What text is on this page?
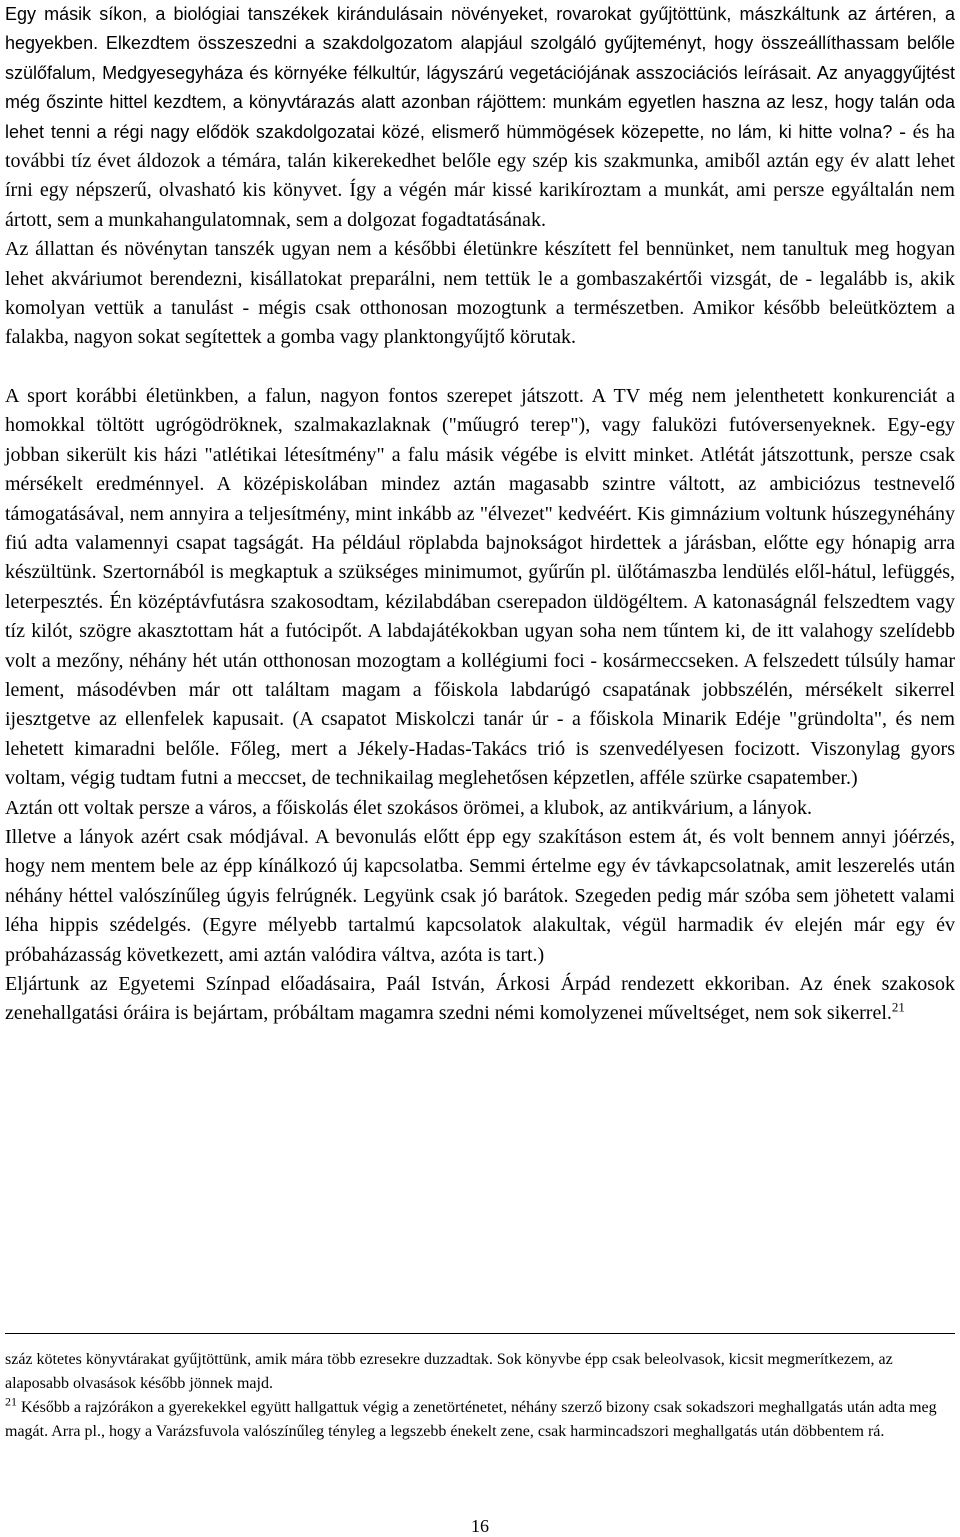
Egy másik síkon, a biológiai tanszékek kirándulásain növényeket, rovarokat gyűjtöttünk, mászkáltunk az ártéren, a hegyekben. Elkezdtem összeszedni a szakdolgozatom alapjául szolgáló gyűjteményt, hogy összeállíthassam belőle szülőfalum, Medgyesegyháza és környéke félkultúr, lágyszárú vegetációjának asszociációs leírásait. Az anyaggyűjtést még őszinte hittel kezdtem, a könyvtárazás alatt azonban rájöttem: munkám egyetlen haszna az lesz, hogy talán oda lehet tenni a régi nagy elődök szakdolgozatai közé, elismerő hümmögések közepette, no lám, ki hitte volna? - és ha további tíz évet áldozok a témára, talán kikerekedhet belőle egy szép kis szakmunka, amiből aztán egy év alatt lehet írni egy népszerű, olvasható kis könyvet. Így a végén már kissé karikíroztam a munkát, ami persze egyáltalán nem ártott, sem a munkahangulatomnak, sem a dolgozat fogadtatásának.

Az állattan és növénytan tanszék ugyan nem a későbbi életünkre készített fel bennünket, nem tanultuk meg hogyan lehet akváriumot berendezni, kisállatokat preparálni, nem tettük le a gombaszakértői vizsgát, de - legalább is, akik komolyan vettük a tanulást - mégis csak otthonosan mozogtunk a természetben. Amikor később beleütköztem a falakba, nagyon sokat segítettek a gomba vagy planktongyűjtő körutak.

A sport korábbi életünkben, a falun, nagyon fontos szerepet játszott. A TV még nem jelenthetett konkurenciát a homokkal töltött ugrógödröknek, szalmakazlaknak ("műugró terep"), vagy faluközi futóversenyeknek. Egy-egy jobban sikerült kis házi "atlétikai létesítmény" a falu másik végébe is elvitt minket. Atlétát játszottunk, persze csak mérsékelt eredménnyel. A középiskolában mindez aztán magasabb szintre váltott, az ambiciózus testnevelő támogatásával, nem annyira a teljesítmény, mint inkább az "élvezet" kedvéért. Kis gimnázium voltunk húszegynéhány fiú adta valamennyi csapat tagságát. Ha például röplabda bajnokságot hirdettek a járásban, előtte egy hónapig arra készültünk. Szertornából is megkaptuk a szükséges minimumot, gyűrűn pl. ülőtámaszba lendülés elől-hátul, lefüggés, leterpesztés. Én középtávfutásra szakosodtam, kézilabdában cserepadon üldögéltem. A katonaságnál felszedtem vagy tíz kilót, szögre akasztottam hát a futócipőt. A labdajátékokban ugyan soha nem tűntem ki, de itt valahogy szelídebb volt a mezőny, néhány hét után otthonosan mozogtam a kollégiumi foci - kosármeccseken. A felszedett túlsúly hamar lement, másodévben már ott találtam magam a főiskola labdarúgó csapatának jobbszélén, mérsékelt sikerrel ijesztgetve az ellenfelek kapusait. (A csapatot Miskolczi tanár úr - a főiskola Minarik Edéje "gründolta", és nem lehetett kimaradni belőle. Főleg, mert a Jékely-Hadas-Takács trió is szenvedélyesen focizott. Viszonylag gyors voltam, végig tudtam futni a meccset, de technikailag meglehetősen képzetlen, afféle szürke csapatember.)

Aztán ott voltak persze a város, a főiskolás élet szokásos örömei, a klubok, az antikvárium, a lányok.

Illetve a lányok azért csak módjával. A bevonulás előtt épp egy szakításon estem át, és volt bennem annyi jóérzés, hogy nem mentem bele az épp kínálkozó új kapcsolatba. Semmi értelme egy év távkapcsolatnak, amit leszerelés után néhány héttel valószínűleg úgyis felrúgnék. Legyünk csak jó barátok. Szegeden pedig már szóba sem jöhetett valami léha hippis szédelgés. (Egyre mélyebb tartalmú kapcsolatok alakultak, végül harmadik év elején már egy év próbaházasság következett, ami aztán valódira váltva, azóta is tart.)

Eljártunk az Egyetemi Színpad előadásaira, Paál István, Árkosi Árpád rendezett ekkoriban. Az ének szakosok zenehallgatási óráira is bejártam, próbáltam magamra szedni némi komolyzenei műveltséget, nem sok sikerrel.$^{21}$

száz kötetes könyvtárakat gyűjtöttünk, amik mára több ezresekre duzzadtak. Sok könyvbe épp csak beleolvasok, kicsit megmerítkezem, az alaposabb olvasások később jönnek majd.

$^{21}$ Később a rajzórákon a gyerekekkel együtt hallgattuk végig a zenetörténetet, néhány szerző bizony csak sokadszori meghallgatás után adta meg magát. Arra pl., hogy a Varázsfuvola valószínűleg tényleg a legszebb énekelt zene, csak harmincadszori meghallgatás után döbbentem rá.

16
